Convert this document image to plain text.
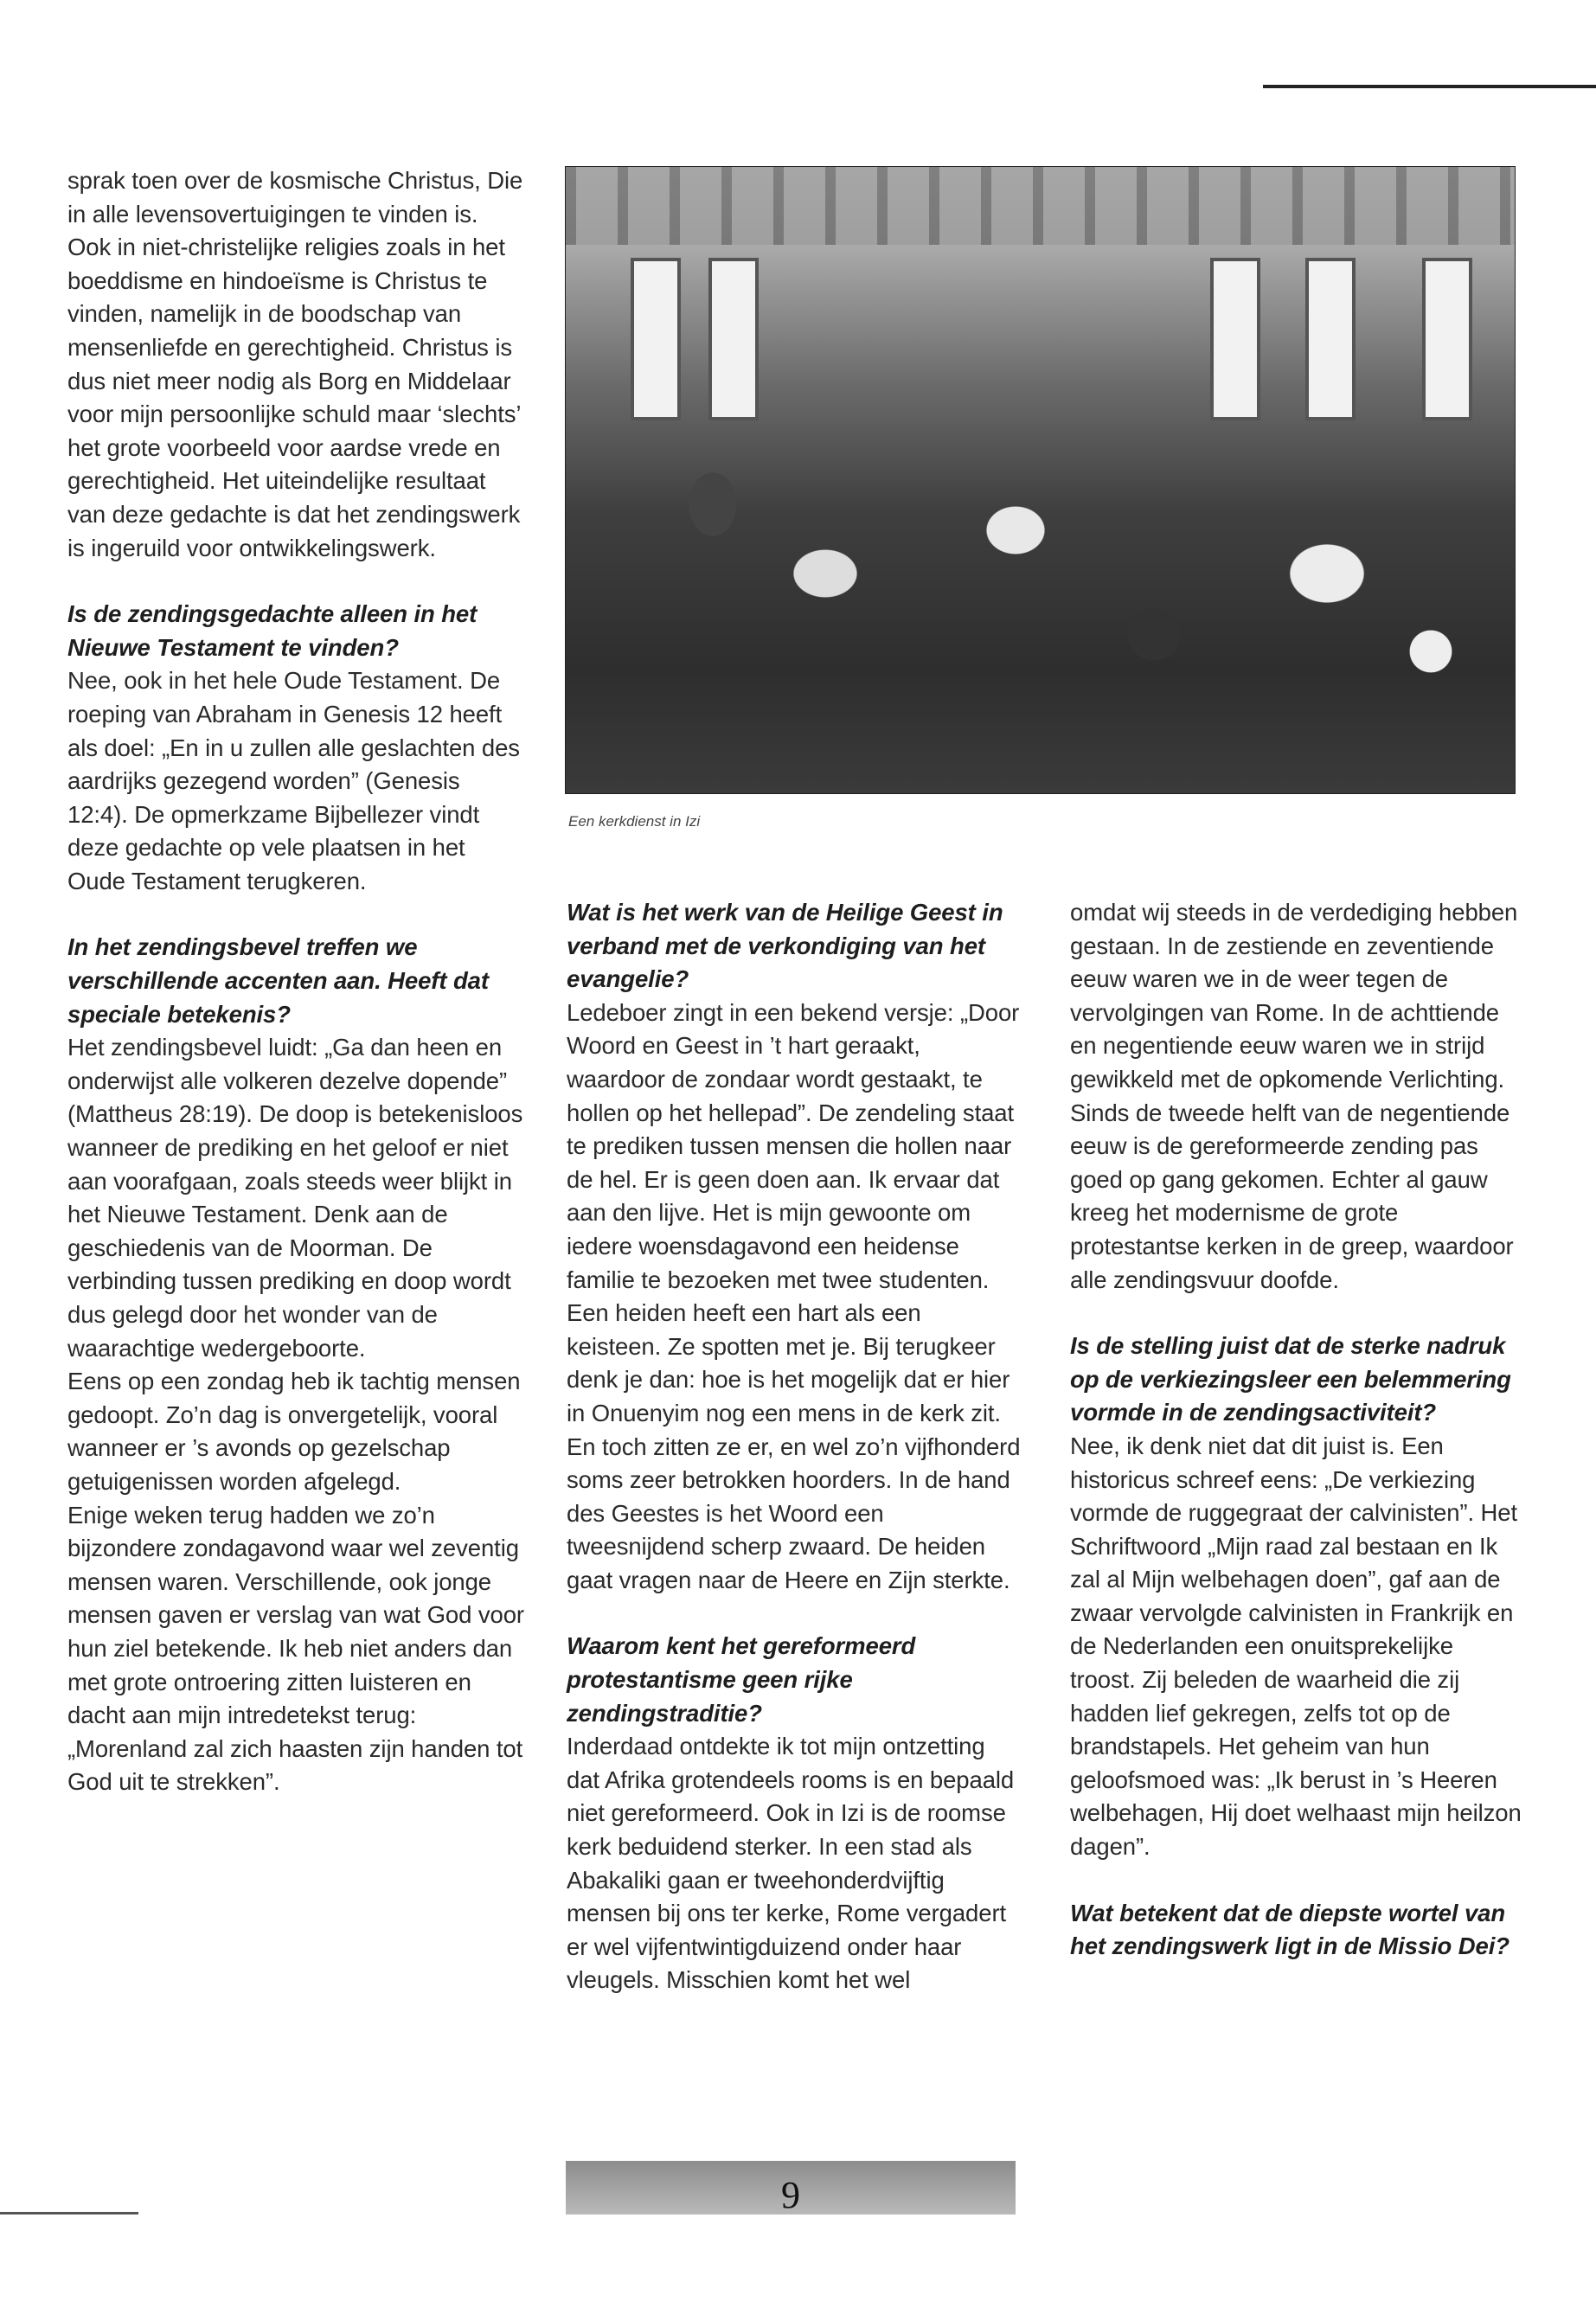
sprak toen over de kosmische Christus, Die in alle levensovertuigingen te vinden is. Ook in niet-christelijke religies zoals in het boeddisme en hindoeïsme is Christus te vinden, namelijk in de boodschap van mensenliefde en gerechtigheid. Christus is dus niet meer nodig als Borg en Middelaar voor mijn persoonlijke schuld maar ‘slechts’ het grote voorbeeld voor aardse vrede en gerechtigheid. Het uiteindelijke resultaat van deze gedachte is dat het zendingswerk is ingeruild voor ontwikkelingswerk.

Is de zendingsgedachte alleen in het Nieuwe Testament te vinden?

Nee, ook in het hele Oude Testament. De roeping van Abraham in Genesis 12 heeft als doel: „En in u zullen alle geslachten des aardrijks gezegend worden” (Genesis 12:4). De opmerkzame Bijbellezer vindt deze gedachte op vele plaatsen in het Oude Testament terugkeren.

In het zendingsbevel treffen we verschillende accenten aan. Heeft dat speciale betekenis?

Het zendingsbevel luidt: „Ga dan heen en onderwijst alle volkeren dezelve dopende” (Mattheus 28:19). De doop is betekenisloos wanneer de prediking en het geloof er niet aan voorafgaan, zoals steeds weer blijkt in het Nieuwe Testament. Denk aan de geschiedenis van de Moorman. De verbinding tussen prediking en doop wordt dus gelegd door het wonder van de waarachtige wedergeboorte.

Eens op een zondag heb ik tachtig mensen gedoopt. Zo’n dag is onvergetelijk, vooral wanneer er ’s avonds op gezelschap getuigenissen worden afgelegd.

Enige weken terug hadden we zo’n bijzondere zondagavond waar wel zeventig mensen waren. Verschillende, ook jonge mensen gaven er verslag van wat God voor hun ziel betekende. Ik heb niet anders dan met grote ontroering zitten luisteren en dacht aan mijn intredetekst terug: „Morenland zal zich haasten zijn handen tot God uit te strekken”.

Een kerkdienst in Izi
Wat is het werk van de Heilige Geest in verband met de verkondiging van het evangelie?

Ledeboer zingt in een bekend versje: „Door Woord en Geest in ’t hart geraakt, waardoor de zondaar wordt gestaakt, te hollen op het hellepad”. De zendeling staat te prediken tussen mensen die hollen naar de hel. Er is geen doen aan. Ik ervaar dat aan den lijve. Het is mijn gewoonte om iedere woensdagavond een heidense familie te bezoeken met twee studenten. Een heiden heeft een hart als een keisteen. Ze spotten met je. Bij terugkeer denk je dan: hoe is het mogelijk dat er hier in Onuenyim nog een mens in de kerk zit. En toch zitten ze er, en wel zo’n vijfhonderd soms zeer betrokken hoorders. In de hand des Geestes is het Woord een tweesnijdend scherp zwaard. De heiden gaat vragen naar de Heere en Zijn sterkte.

Waarom kent het gereformeerd protestantisme geen rijke zendingstraditie?

Inderdaad ontdekte ik tot mijn ontzetting dat Afrika grotendeels rooms is en bepaald niet gereformeerd. Ook in Izi is de roomse kerk beduidend sterker. In een stad als Abakaliki gaan er tweehonderdvijftig mensen bij ons ter kerke, Rome vergadert er wel vijfentwintigduizend onder haar vleugels. Misschien komt het wel

omdat wij steeds in de verdediging hebben gestaan. In de zestiende en zeventiende eeuw waren we in de weer tegen de vervolgingen van Rome. In de achttiende en negentiende eeuw waren we in strijd gewikkeld met de opkomende Verlichting. Sinds de tweede helft van de negentiende eeuw is de gereformeerde zending pas goed op gang gekomen. Echter al gauw kreeg het modernisme de grote protestantse kerken in de greep, waardoor alle zendingsvuur doofde.

Is de stelling juist dat de sterke nadruk op de verkiezingsleer een belemmering vormde in de zendingsactiviteit?

Nee, ik denk niet dat dit juist is. Een historicus schreef eens: „De verkiezing vormde de ruggegraat der calvinisten”. Het Schriftwoord „Mijn raad zal bestaan en Ik zal al Mijn welbehagen doen”, gaf aan de zwaar vervolgde calvinisten in Frankrijk en de Nederlanden een onuitsprekelijke troost. Zij beleden de waarheid die zij hadden lief gekregen, zelfs tot op de brandstapels. Het geheim van hun geloofsmoed was: „Ik berust in ’s Heeren welbehagen, Hij doet welhaast mijn heilzon dagen”.

Wat betekent dat de diepste wortel van het zendingswerk ligt in de Missio Dei?
9
